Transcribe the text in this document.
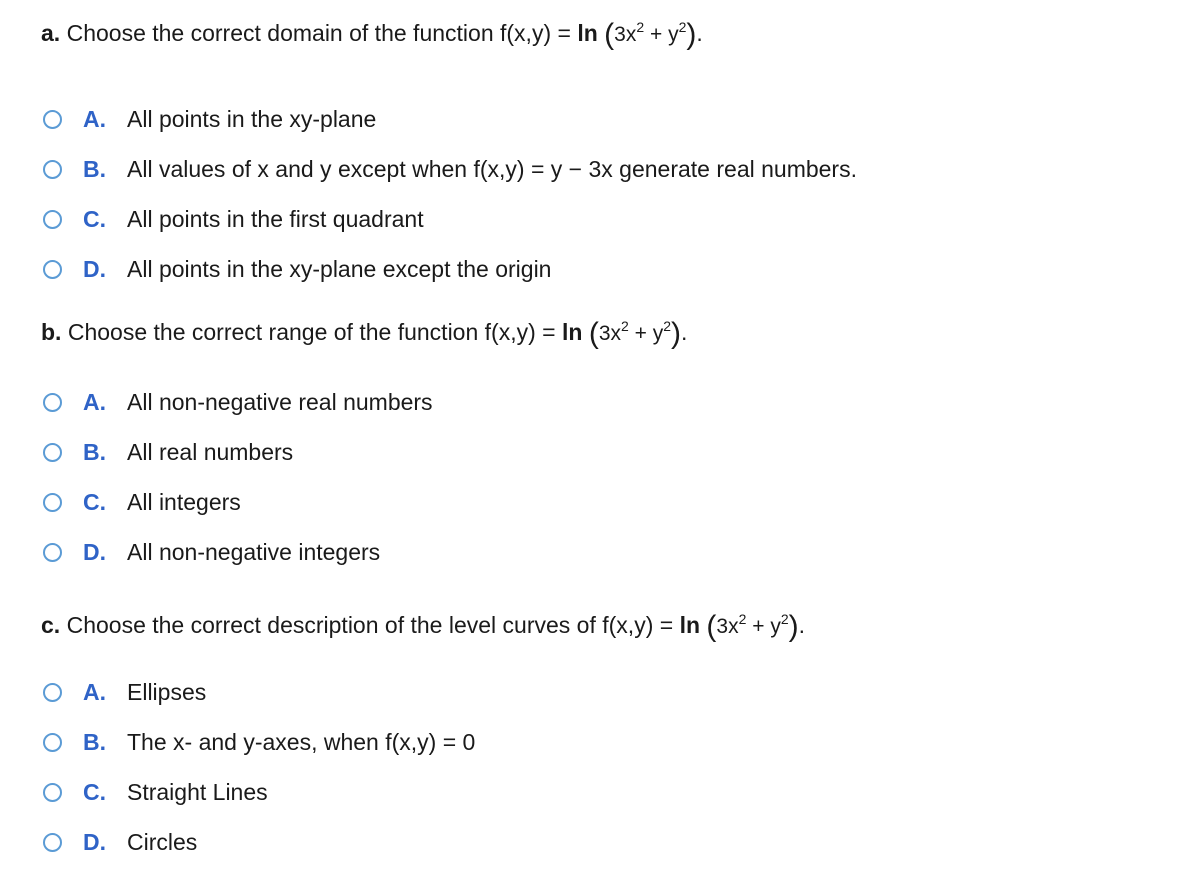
a. Choose the correct domain of the function $f(x,y) = \ln (3x^2 + y^2)$.
A. All points in the xy-plane
B. All values of x and y except when f(x,y) = y − 3x generate real numbers.
C. All points in the first quadrant
D. All points in the xy-plane except the origin
b. Choose the correct range of the function $f(x,y) = \ln (3x^2 + y^2)$.
A. All non-negative real numbers
B. All real numbers
C. All integers
D. All non-negative integers
c. Choose the correct description of the level curves of $f(x,y) = \ln (3x^2 + y^2)$.
A. Ellipses
B. The x- and y-axes, when f(x,y) = 0
C. Straight Lines
D. Circles
